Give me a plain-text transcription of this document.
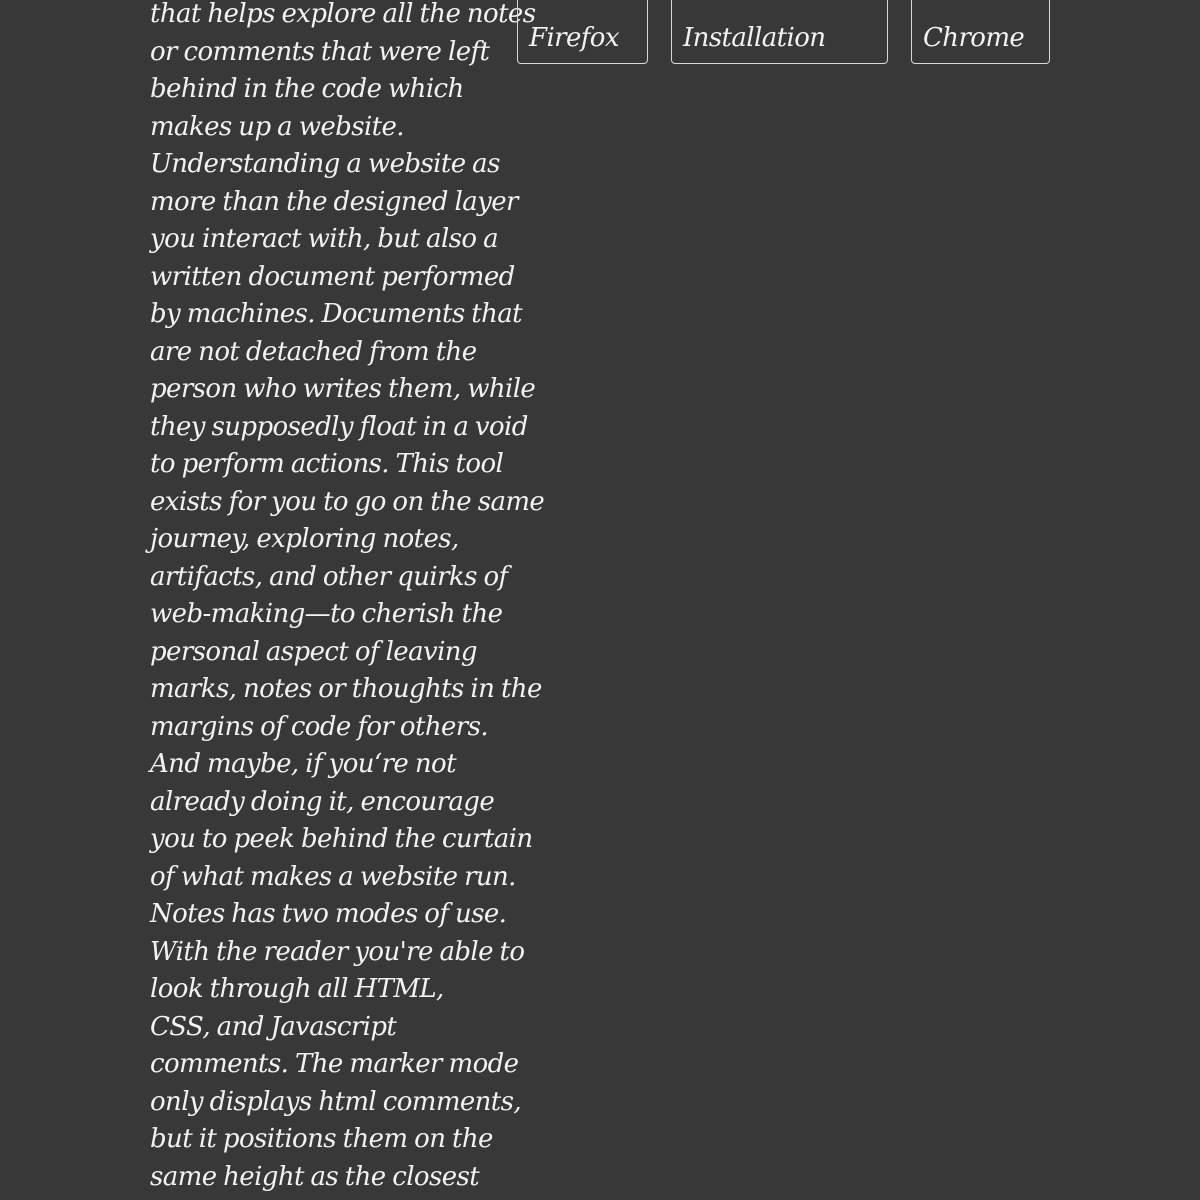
that helps explore all the notes
or comments that were left
behind in the code which
makes up a website.
Understanding a website as
more than the designed layer
you interact with, but also a
written document performed
by machines. Documents that
are not detached from the
person who writes them, while
they supposedly float in a void
to perform actions. This tool
exists for you to go on the same
journey, exploring notes,
artifacts, and other quirks of
web-making—to cherish the
personal aspect of leaving
marks, notes or thoughts in the
margins of code for others.
And maybe, if you‘re not
already doing it, encourage
you to peek behind the curtain
of what makes a website run.
Notes has two modes of use.
With the reader you're able to
look through all HTML,
CSS, and Javascript
comments. The marker mode
only displays html comments,
but it positions them on the
same height as the closest
Firefox	Installation	Chrome
